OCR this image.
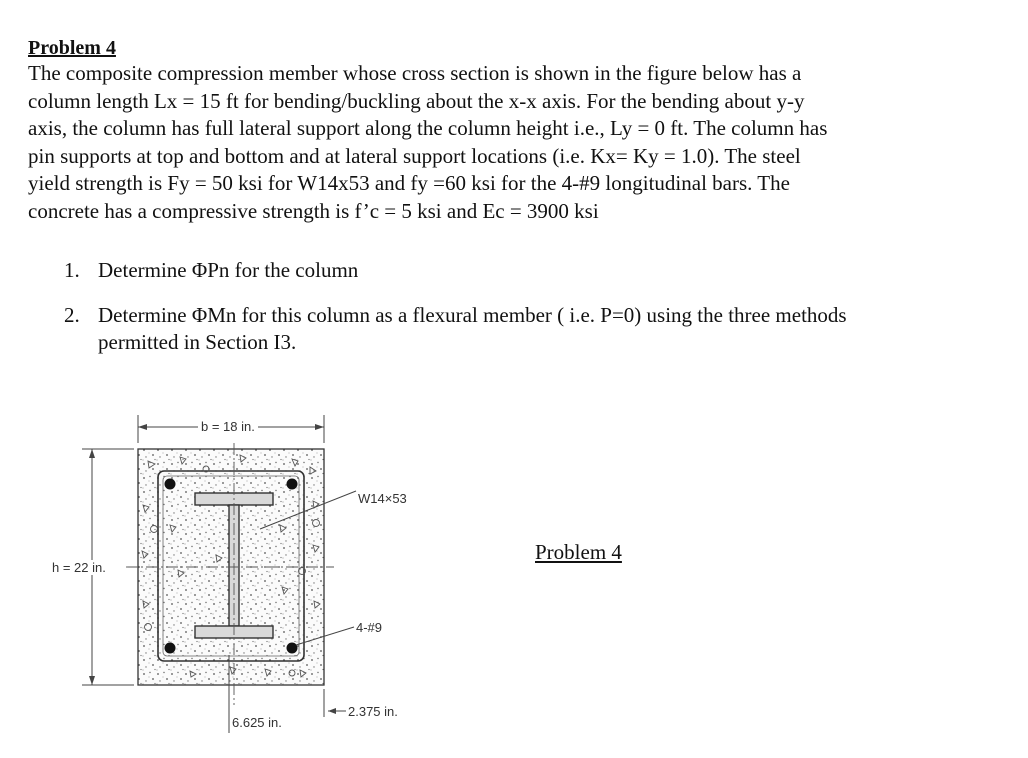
Problem 4

The composite compression member whose cross section is shown in the figure below has a
column length Lx = 15 ft for bending/buckling about the x-x axis. For the bending about y-y
axis, the column has full lateral support along the column height i.e., Ly = 0 ft. The column has
pin supports at top and bottom and at lateral support locations (i.e. Kx= Ky = 1.0). The steel
yield strength is Fy = 50 ksi for W14x53 and fy =60 ksi for the 4-#9 longitudinal bars. The
concrete has a compressive strength is f’c = 5 ksi and Ec = 3900 ksi

1. Determine ΦPn for the column
2. Determine ΦMn for this column as a flexural member ( i.e. P=0) using the three methods
permitted in Section I3.
b = 18 in.
h = 22 in.
W14×53
4-#9
2.375 in.
6.625 in.
Problem 4
